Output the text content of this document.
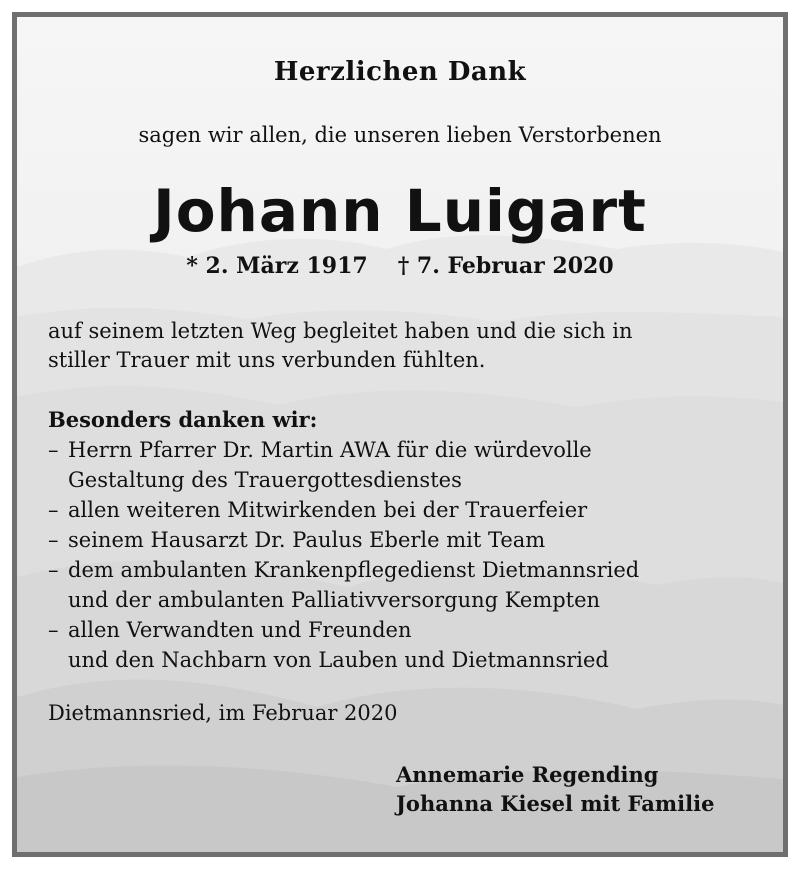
Herzlichen Dank
sagen wir allen, die unseren lieben Verstorbenen
Johann Luigart
* 2. März 1917 † 7. Februar 2020
auf seinem letzten Weg begleitet haben und die sich in
stiller Trauer mit uns verbunden fühlten.
Besonders danken wir:
– Herrn Pfarrer Dr. Martin AWA für die würdevolle
Gestaltung des Trauergottesdienstes
– allen weiteren Mitwirkenden bei der Trauerfeier
– seinem Hausarzt Dr. Paulus Eberle mit Team
– dem ambulanten Krankenpflegedienst Dietmannsried
und der ambulanten Palliativversorgung Kempten
– allen Verwandten und Freunden
und den Nachbarn von Lauben und Dietmannsried
Dietmannsried, im Februar 2020
Annemarie Regending
Johanna Kiesel mit Familie
